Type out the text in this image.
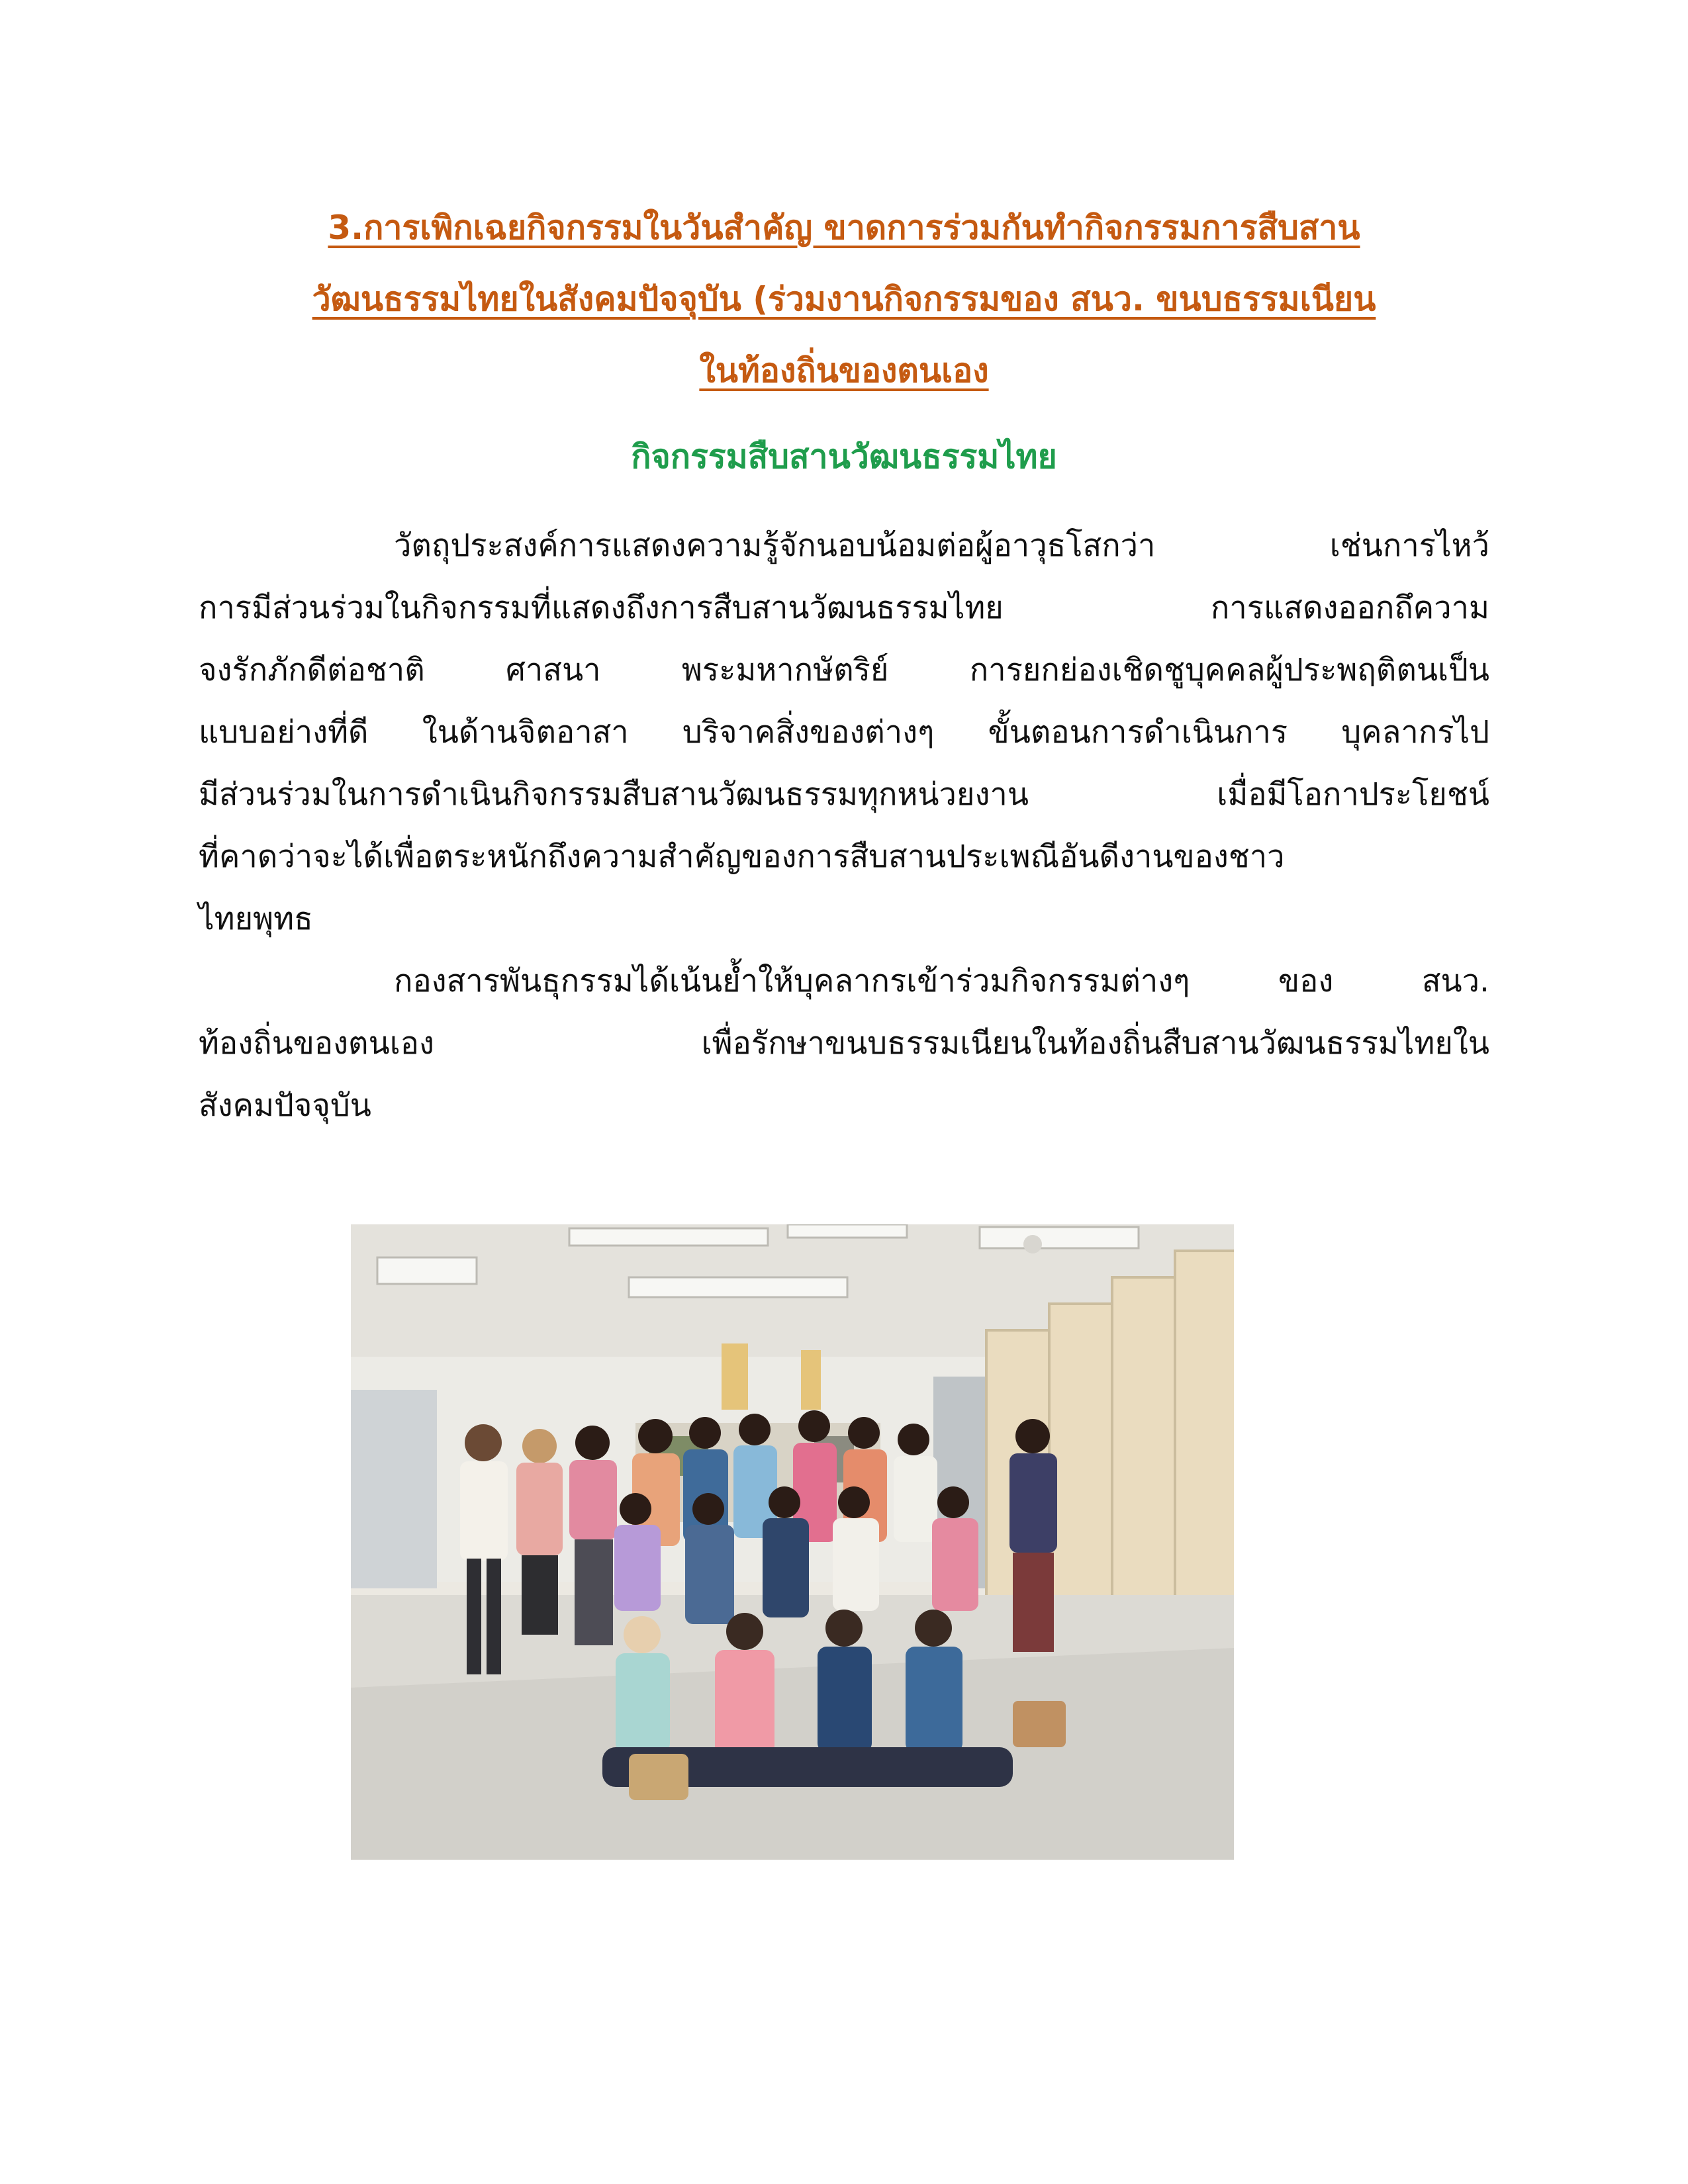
3.การเพิกเฉยกิจกรรมในวันสำคัญ ขาดการร่วมกันทำกิจกรรมการสืบสาน
วัฒนธรรมไทยในสังคมปัจจุบัน (ร่วมงานกิจกรรมของ สนว. ขนบธรรมเนียน
ในท้องถิ่นของตนเอง
กิจกรรมสืบสานวัฒนธรรมไทย
วัตถุประสงค์การแสดงความรู้จักนอบน้อมต่อผู้อาวุธโสกว่า เช่นการไหว้
การมีส่วนร่วมในกิจกรรมที่แสดงถึงการสืบสานวัฒนธรรมไทย การแสดงออกถึความ
จงรักภักดีต่อชาติ ศาสนา พระมหากษัตริย์ การยกย่องเชิดชูบุคคลผู้ประพฤติตนเป็น
แบบอย่างที่ดี ในด้านจิตอาสา บริจาคสิ่งของต่างๆ ขั้นตอนการดำเนินการ บุคลากรไป
มีส่วนร่วมในการดำเนินกิจกรรมสืบสานวัฒนธรรมทุกหน่วยงาน เมื่อมีโอกาประโยชน์
ที่คาดว่าจะได้เพื่อตระหนักถึงความสำคัญของการสืบสานประเพณีอันดีงานของชาว
ไทยพุทธ
กองสารพันธุกรรมได้เน้นย้ำให้บุคลากรเข้าร่วมกิจกรรมต่างๆ ของ สนว.
ท้องถิ่นของตนเอง เพื่อรักษาขนบธรรมเนียนในท้องถิ่นสืบสานวัฒนธรรมไทยใน
สังคมปัจจุบัน
